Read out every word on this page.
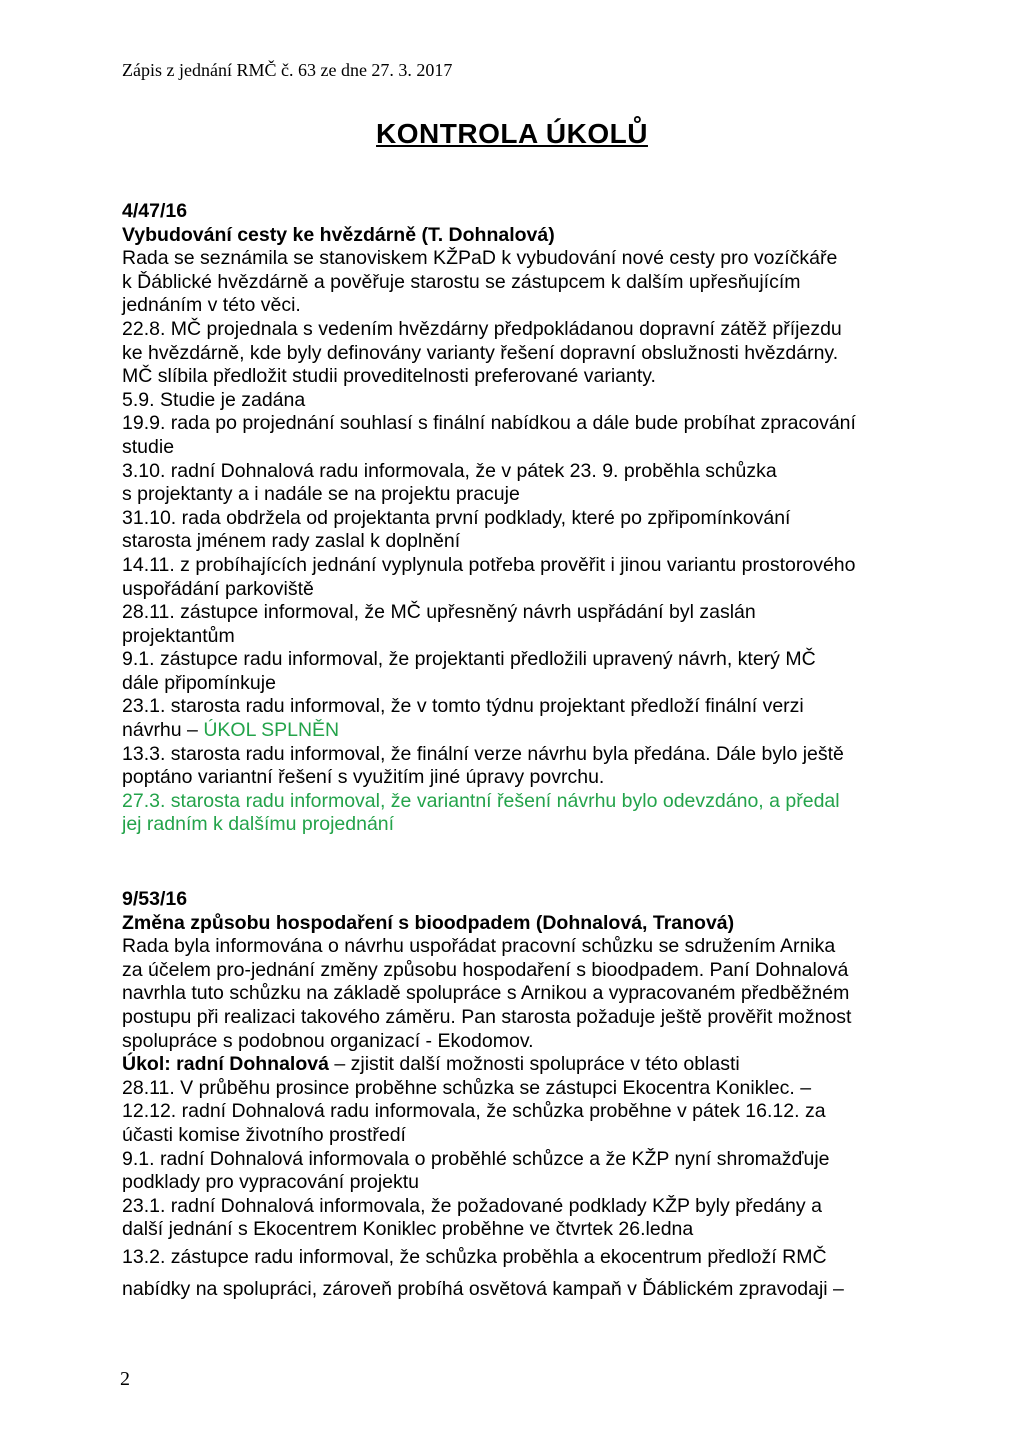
Zápis z jednání RMČ č. 63 ze dne 27. 3. 2017
KONTROLA ÚKOLŮ
4/47/16
Vybudování cesty ke hvězdárně (T. Dohnalová)
Rada se seznámila se stanoviskem KŽPaD k vybudování nové cesty pro vozíčkáře
k Ďáblické hvězdárně a pověřuje starostu se zástupcem k dalším upřesňujícím
jednáním v této věci.
22.8. MČ projednala s vedením hvězdárny předpokládanou dopravní zátěž příjezdu
ke hvězdárně, kde byly definovány varianty řešení dopravní obslužnosti hvězdárny.
MČ slíbila předložit studii proveditelnosti preferované varianty.
5.9. Studie je zadána
19.9. rada po projednání souhlasí s finální nabídkou a dále bude probíhat zpracování
studie
3.10. radní Dohnalová radu informovala, že v pátek 23. 9. proběhla schůzka
s projektanty a i nadále se na projektu pracuje
31.10. rada obdržela od projektanta první podklady, které po zpřipomínkování
starosta jménem rady zaslal k doplnění
14.11. z probíhajících jednání vyplynula potřeba prověřit i jinou variantu prostorového
uspořádání parkoviště
28.11. zástupce informoval, že MČ upřesněný návrh uspřádání byl zaslán
projektantům
9.1. zástupce radu informoval, že projektanti předložili upravený návrh, který MČ
dále připomínkuje
23.1. starosta radu informoval, že v tomto týdnu projektant předloží finální verzi
návrhu – ÚKOL SPLNĚN
13.3. starosta radu informoval, že finální verze návrhu byla předána. Dále bylo ještě
poptáno variantní řešení s využitím jiné úpravy povrchu.
27.3. starosta radu informoval, že variantní řešení návrhu bylo odevzdáno, a předal
jej radním k dalšímu projednání
9/53/16
Změna způsobu hospodaření s bioodpadem (Dohnalová, Tranová)
Rada byla informována o návrhu uspořádat pracovní schůzku se sdružením Arnika
za účelem pro-jednání změny způsobu hospodaření s bioodpadem. Paní Dohnalová
navrhla tuto schůzku na základě spolupráce s Arnikou a vypracovaném předběžném
postupu při realizaci takového záměru. Pan starosta požaduje ještě prověřit možnost
spolupráce s podobnou organizací - Ekodomov.
Úkol: radní Dohnalová – zjistit další možnosti spolupráce v této oblasti
28.11. V průběhu prosince proběhne schůzka se zástupci Ekocentra Koniklec. –
12.12. radní Dohnalová radu informovala, že schůzka proběhne v pátek 16.12. za
účasti komise životního prostředí
9.1. radní Dohnalová informovala o proběhlé schůzce a že KŽP nyní shromažďuje
podklady pro vypracování projektu
23.1. radní Dohnalová informovala, že požadované podklady KŽP byly předány a
další jednání s Ekocentrem Koniklec proběhne ve čtvrtek 26.ledna
13.2. zástupce radu informoval, že schůzka proběhla a ekocentrum předloží RMČ
nabídky na spolupráci, zároveň probíhá osvětová kampaň v Ďáblickém zpravodaji –
2
